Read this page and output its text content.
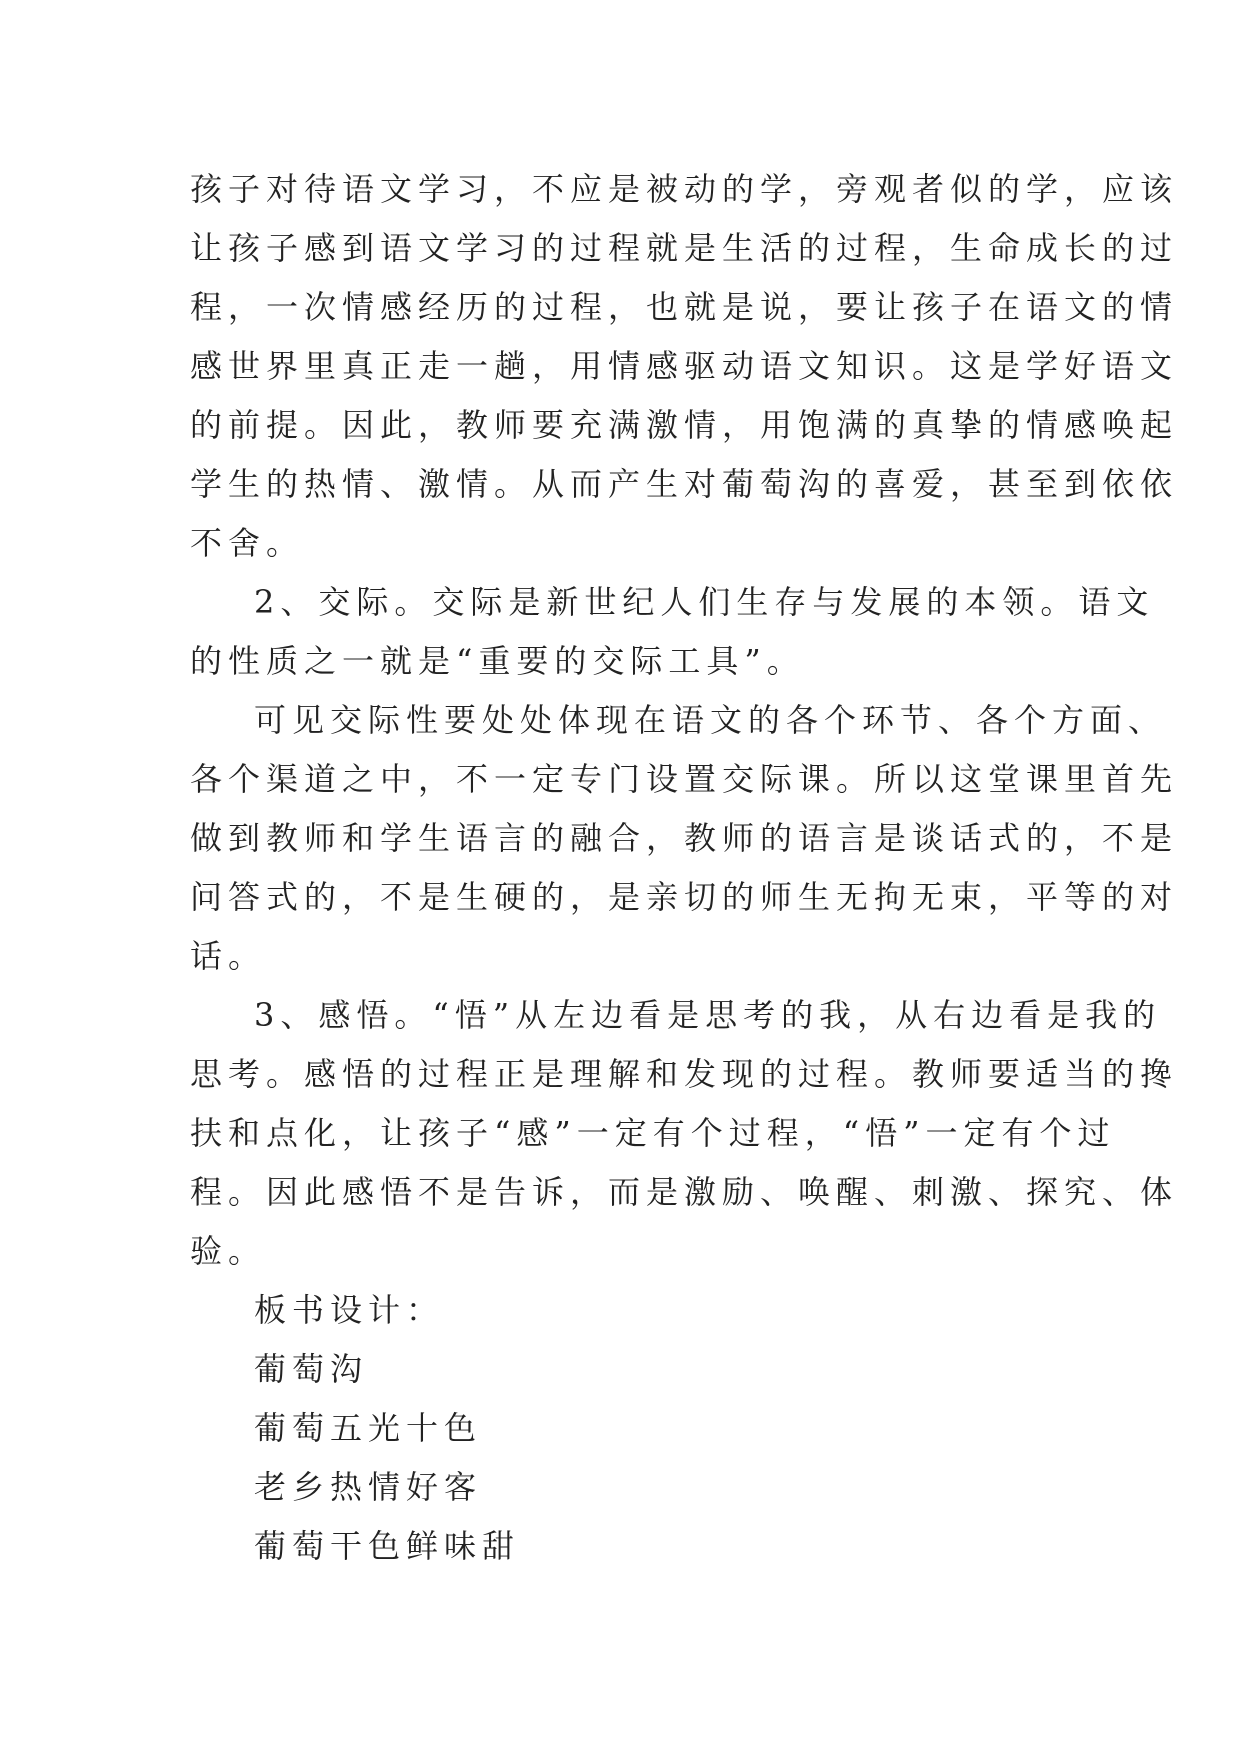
孩子对待语文学习，不应是被动的学，旁观者似的学，应该
让孩子感到语文学习的过程就是生活的过程，生命成长的过
程，一次情感经历的过程，也就是说，要让孩子在语文的情
感世界里真正走一趟，用情感驱动语文知识。这是学好语文
的前提。因此，教师要充满激情，用饱满的真挚的情感唤起
学生的热情、激情。从而产生对葡萄沟的喜爱，甚至到依依
不舍。
2、交际。交际是新世纪人们生存与发展的本领。语文
的性质之一就是“重要的交际工具”。
可见交际性要处处体现在语文的各个环节、各个方面、
各个渠道之中，不一定专门设置交际课。所以这堂课里首先
做到教师和学生语言的融合，教师的语言是谈话式的，不是
问答式的，不是生硬的，是亲切的师生无拘无束，平等的对
话。
3、感悟。“悟”从左边看是思考的我，从右边看是我的
思考。感悟的过程正是理解和发现的过程。教师要适当的搀
扶和点化，让孩子“感”一定有个过程，“悟”一定有个过
程。因此感悟不是告诉，而是激励、唤醒、刺激、探究、体
验。
板书设计：
葡萄沟
葡萄五光十色
老乡热情好客
葡萄干色鲜味甜
